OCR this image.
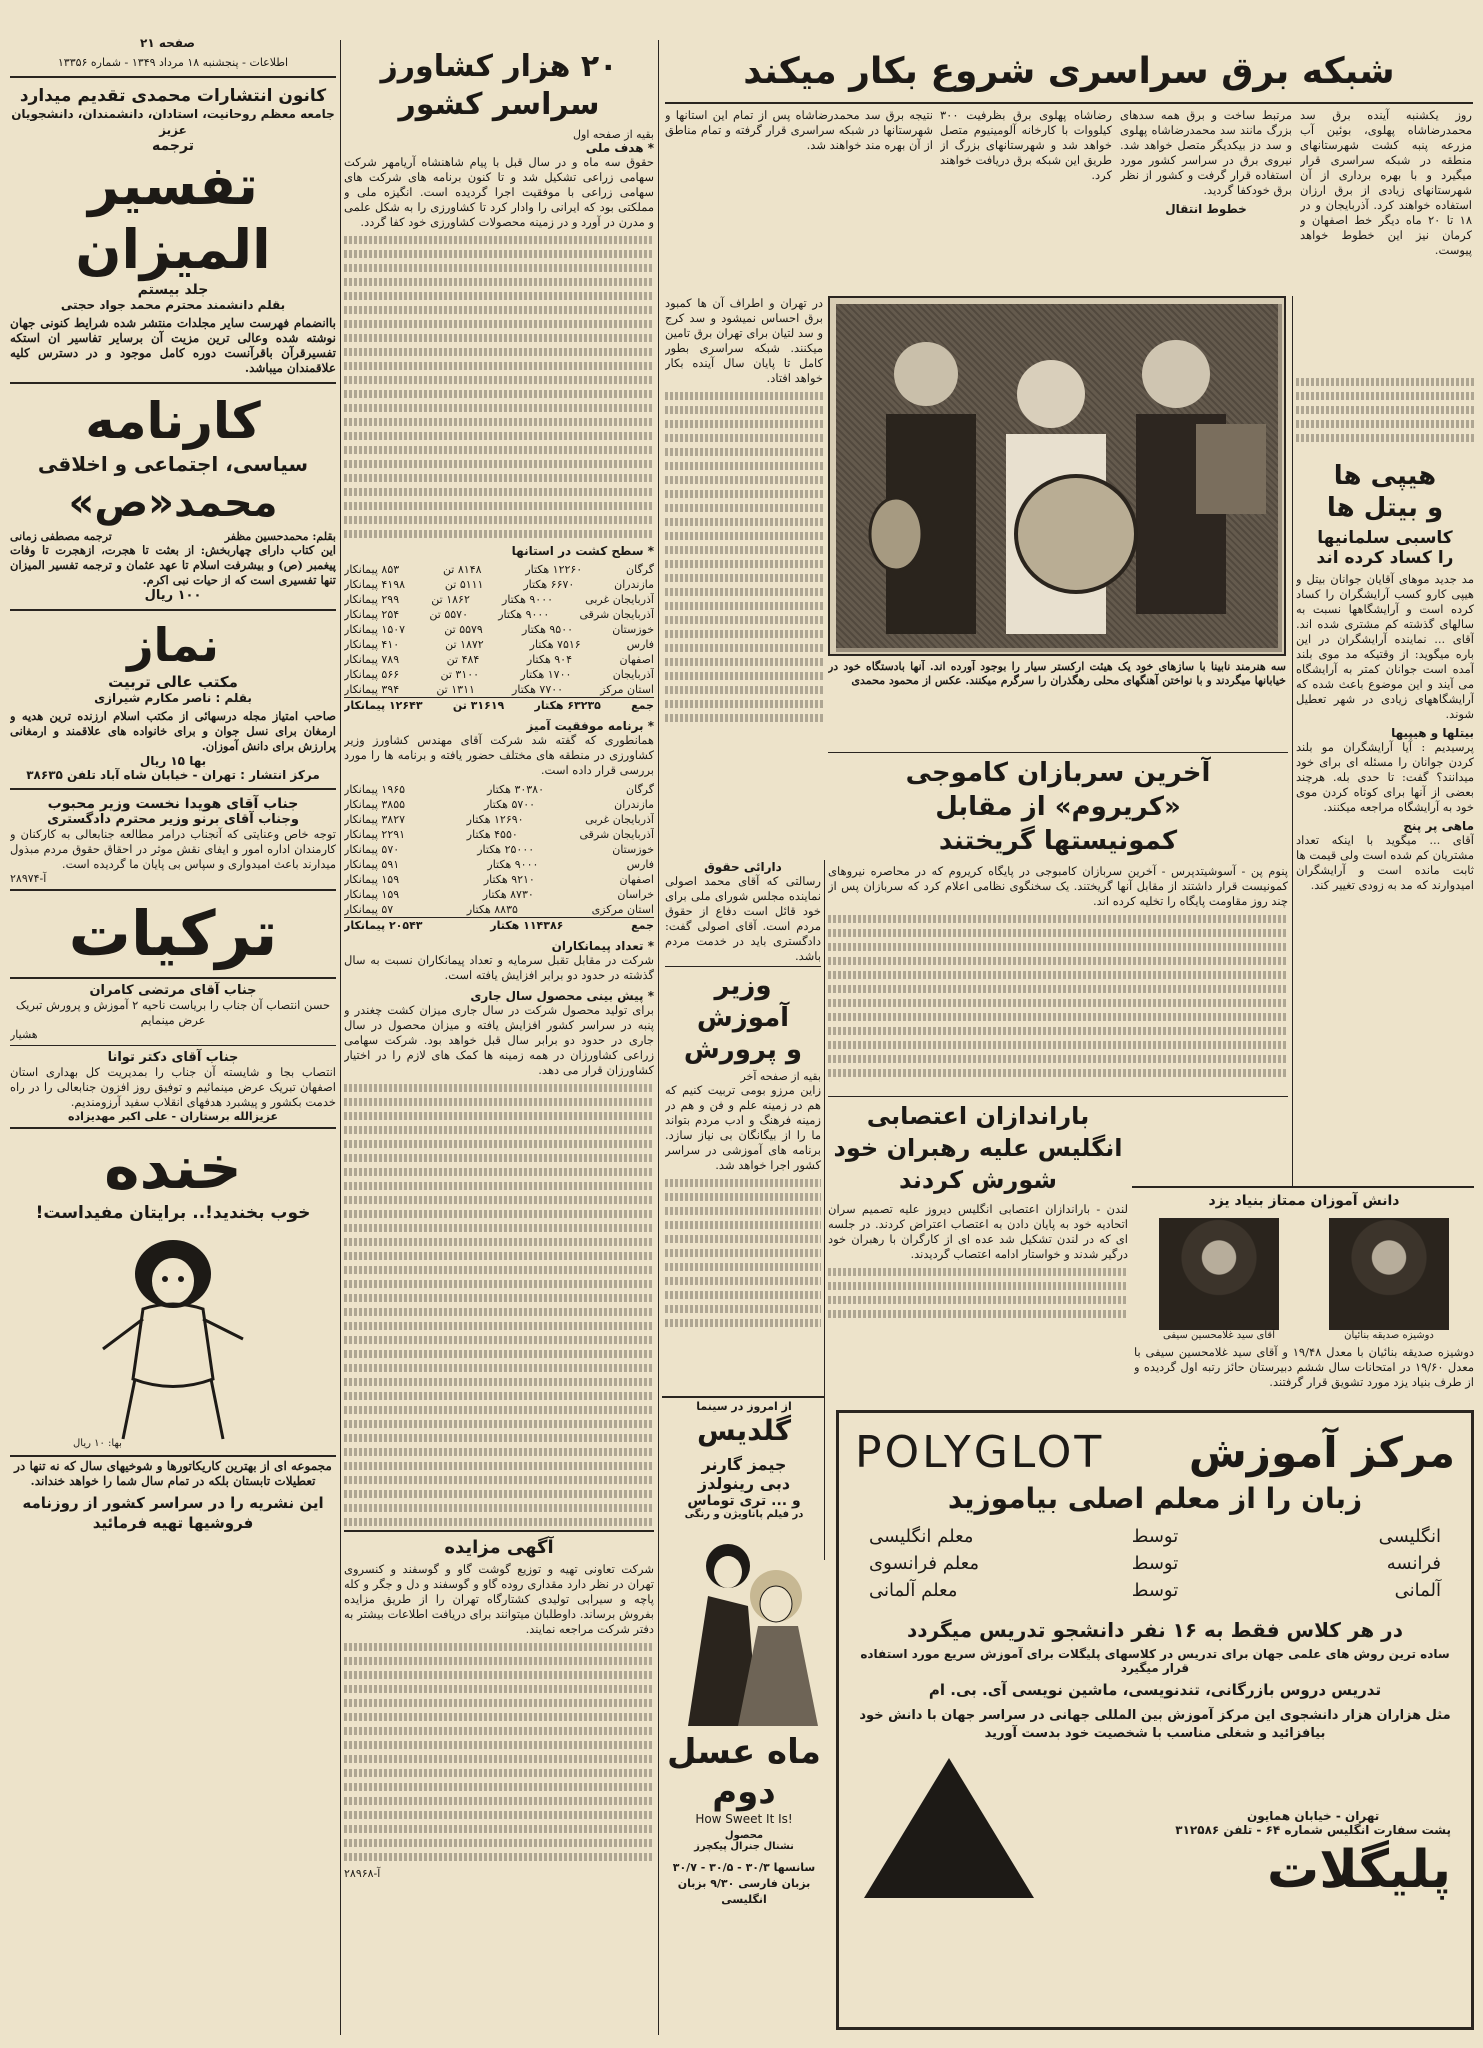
صفحه ۲۱
اطلاعات - پنجشنبه ۱۸ مرداد ۱۳۴۹ - شماره ۱۳۳۵۶
کانون انتشارات محمدی تقدیم میدارد
جامعه معظم روحانیت، استادان، دانشمندان، دانشجویان عزیز
ترجمه
تفسیر المیزان
جلد بیستم
بقلم دانشمند محترم محمد جواد حجتی
باانضمام فهرست سایر مجلدات منتشر شده شرایط کنونی جهان نوشته شده وعالی ترین مزیت آن برسایر تفاسیر ان استکه تفسیرقرآن باقرآنست دوره کامل موجود و در دسترس کلیه علاقمندان میباشد.
کارنامه
سیاسی، اجتماعی و اخلاقی
محمد«ص»
بقلم: محمدحسین مظفر
ترجمه مصطفی زمانی
این کتاب دارای چهاربخش: از بعثت تا هجرت، ازهجرت تا وفات پیغمبر (ص) و بیشرفت اسلام تا عهد عثمان و ترجمه تفسیر المیزان تنها تفسیری است که از حیات نبی اکرم.
۱۰۰ ریال
نماز
مکتب عالی تربیت
بقلم : ناصر مکارم شیرازی
صاحب امتیاز مجله درسهائی از مکتب اسلام ارزنده ترین هدیه و ارمغان برای نسل جوان و برای خانواده های علاقمند و ارمغانی پرارزش برای دانش آموزان.
بها ۱۵ ریال
مرکز انتشار : تهران - خیابان شاه آباد تلفن ۳۸۶۳۵
جناب آقای هویدا نخست وزیر محبوب
وجناب آقای برنو وزیر محترم دادگستری
توجه خاص وعنایتی که آنجناب درامر مطالعه جنابعالی به کارکنان و کارمندان اداره امور و ایفای نقش موثر در احقاق حقوق مردم مبذول میدارند باعث امیدواری و سپاس بی پایان ما گردیده است.
آ-۲۸۹۷۴
ترکیات
جناب آقای مرتضی کامران
حسن انتصاب آن جناب را بریاست ناحیه ۲ آموزش و پرورش تبریک عرض مینمایم
هشیار
جناب آقای دکتر توانا
انتصاب بجا و شایسته آن جناب را بمدیریت کل بهداری استان اصفهان تبریک عرض مینمائیم و توفیق روز افزون جنابعالی را در راه خدمت بکشور و پیشبرد هدفهای انقلاب سفید آرزومندیم.
عزیزالله برستاران - علی اکبر مهدیزاده
خنده
خوب بخندید!.. برایتان مفیداست!
بها: ۱۰ ریال
مجموعه ای از بهترین کاریکاتورها و شوخیهای سال که نه تنها در تعطیلات تابستان بلکه در تمام سال شما را خواهد خنداند.
این نشریه را در سراسر کشور از روزنامه فروشیها تهیه فرمائید
۲۰ هزار کشاورز
سراسر کشور
بقیه از صفحه اول
* هدف ملی
حقوق سه ماه و در سال قبل با پیام شاهنشاه آریامهر شرکت سهامی زراعی تشکیل شد و تا کنون برنامه های شرکت های سهامی زراعی با موفقیت اجرا گردیده است. انگیزه ملی و مملکتی بود که ایرانی را وادار کرد تا کشاورزی را به شکل علمی و مدرن در آورد و در زمینه محصولات کشاورزی خود کفا گردد.
* سطح کشت در استانها
گرگان
۱۲۲۶۰ هکتار
۸۱۴۸ تن
۸۵۳ پیمانکار
مازندران
۶۶۷۰ هکتار
۵۱۱۱ تن
۴۱۹۸ پیمانکار
آذربایجان غربی
۹۰۰۰ هکتار
۱۸۶۲ تن
۲۹۹ پیمانکار
آذربایجان شرقی
۹۰۰۰ هکتار
۵۵۷۰ تن
۲۵۴ پیمانکار
خوزستان
۹۵۰۰ هکتار
۵۵۷۹ تن
۱۵۰۷ پیمانکار
فارس
۷۵۱۶ هکتار
۱۸۷۲ تن
۴۱۰ پیمانکار
اصفهان
۹۰۴ هکتار
۴۸۴ تن
۷۸۹ پیمانکار
آذربایجان
۱۷۰۰ هکتار
۳۱۰۰ تن
۵۶۶ پیمانکار
استان مرکز
۷۷۰۰ هکتار
۱۳۱۱ تن
۳۹۴ پیمانکار
جمع
۶۳۲۳۵ هکتار
۳۱۶۱۹ تن
۱۲۶۴۳ پیمانکار
* برنامه موفقیت آمیز
همانطوری که گفته شد شرکت آقای مهندس کشاورز وزیر کشاورزی در منطقه های مختلف حضور یافته و برنامه ها را مورد بررسی قرار داده است.
گرگان
۳۰۳۸۰ هکتار
۱۹۶۵ پیمانکار
مازندران
۵۷۰۰ هکتار
۳۸۵۵ پیمانکار
آذربایجان غربی
۱۲۶۹۰ هکتار
۳۸۲۷ پیمانکار
آذربایجان شرقی
۴۵۵۰ هکتار
۲۲۹۱ پیمانکار
خوزستان
۲۵۰۰۰ هکتار
۵۷۰ پیمانکار
فارس
۹۰۰۰ هکتار
۵۹۱ پیمانکار
اصفهان
۹۲۱۰ هکتار
۱۵۹ پیمانکار
خراسان
۸۷۳۰ هکتار
۱۵۹ پیمانکار
استان مرکزی
۸۸۳۵ هکتار
۵۷ پیمانکار
جمع
۱۱۴۳۸۶ هکتار
۲۰۵۴۳ پیمانکار
* تعداد پیمانکاران
شرکت در مقابل تقبل سرمایه و تعداد پیمانکاران نسبت به سال گذشته در حدود دو برابر افزایش یافته است.
* پیش بینی محصول سال جاری
برای تولید محصول شرکت در سال جاری میزان کشت چغندر و پنبه در سراسر کشور افزایش یافته و میزان محصول در سال جاری در حدود دو برابر سال قبل خواهد بود. شرکت سهامی زراعی کشاورزان در همه زمینه ها کمک های لازم را در اختیار کشاورزان قرار می دهد.
شبکه برق سراسری شروع بکار میکند
روز یکشنبه آینده برق سد محمدرضاشاه پهلوی، بوئین آب مزرعه پنبه کشت شهرستانهای منطقه در شبکه سراسری قرار میگیرد و با بهره برداری از آن شهرستانهای زیادی از برق ارزان استفاده خواهند کرد. آذربایجان و در ۱۸ تا ۲۰ ماه دیگر خط اصفهان و کرمان نیز این خطوط خواهد پیوست.
مرتبط ساخت و برق همه سدهای بزرگ مانند سد محمدرضاشاه پهلوی و سد دز بیکدیگر متصل خواهد شد. نیروی برق در سراسر کشور مورد استفاده قرار گرفت و کشور از نظر برق خودکفا گردید.
خطوط انتقال
رضاشاه پهلوی برق بظرفیت ۳۰۰ کیلووات با کارخانه آلومینیوم متصل خواهد شد و شهرستانهای بزرگ از طریق این شبکه برق دریافت خواهند کرد.
نتیجه برق سد محمدرضاشاه پس از تمام این استانها و شهرستانها در شبکه سراسری قرار گرفته و تمام مناطق از آن بهره مند خواهند شد.
سه هنرمند نابینا با سازهای خود یک هیئت ارکستر سیار را بوجود آورده اند. آنها بادستگاه خود در خیابانها میگردند و با نواختن آهنگهای محلی رهگذران را سرگرم میکنند. عکس از محمود محمدی
در تهران و اطراف آن ها کمبود برق احساس نمیشود و سد کرج و سد لتیان برای تهران برق تامین میکنند. شبکه سراسری بطور کامل تا پایان سال آینده بکار خواهد افتاد.
هیپی ها
و بیتل ها
کاسبی سلمانیها
را کساد کرده اند
مد جدید موهای آقایان جوانان بیتل و هیپی کارو کسب آرایشگران را کساد کرده است و آرایشگاهها نسبت به سالهای گذشته کم مشتری شده اند. آقای ... نماینده آرایشگران در این باره میگوید: از وقتیکه مد موی بلند آمده است جوانان کمتر به آرایشگاه می آیند و این موضوع باعث شده که آرایشگاههای زیادی در شهر تعطیل شوند.
بیتلها و هیپیها
پرسیدیم : آیا آرایشگران مو بلند کردن جوانان را مسئله ای برای خود میدانند؟ گفت: تا حدی بله. هرچند بعضی از آنها برای کوتاه کردن موی خود به آرایشگاه مراجعه میکنند.
ماهی پر پنج
آقای ... میگوید با اینکه تعداد مشتریان کم شده است ولی قیمت ها ثابت مانده است و آرایشگران امیدوارند که مد به زودی تغییر کند.
آخرین سربازان کاموجی
«کریروم» از مقابل
کمونیستها گریختند
پنوم پن - آسوشیتدپرس - آخرین سربازان کامبوجی در پایگاه کریروم که در محاصره نیروهای کمونیست قرار داشتند از مقابل آنها گریختند. یک سخنگوی نظامی اعلام کرد که سربازان پس از چند روز مقاومت پایگاه را تخلیه کرده اند.
دارائی حقوق
رسالتی که آقای محمد اصولی نماینده مجلس شورای ملی برای خود قائل است دفاع از حقوق مردم است. آقای اصولی گفت: دادگستری باید در خدمت مردم باشد.
وزیر آموزش
و پرورش
بقیه از صفحه آخر
زاین مرزو بومی تربیت کنیم که هم در زمینه علم و فن و هم در زمینه فرهنگ و ادب مردم بتواند ما را از بیگانگان بی نیاز سازد. برنامه های آموزشی در سراسر کشور اجرا خواهد شد.
باراندازان اعتصابی
انگلیس علیه رهبران خود
شورش کردند
لندن - باراندازان اعتصابی انگلیس دیروز علیه تصمیم سران اتحادیه خود به پایان دادن به اعتصاب اعتراض کردند. در جلسه ای که در لندن تشکیل شد عده ای از کارگران با رهبران خود درگیر شدند و خواستار ادامه اعتصاب گردیدند.
دانش آموزان ممتاز بنیاد یزد
دوشیزه صدیقه بنائیان
آقای سید غلامحسین سیفی
دوشیزه صدیقه بنائیان با معدل ۱۹/۴۸ و آقای سید غلامحسین سیفی با معدل ۱۹/۶۰ در امتحانات سال ششم دبیرستان حائز رتبه اول گردیده و از طرف بنیاد یزد مورد تشویق قرار گرفتند.
آگهی مزایده
شرکت تعاونی تهیه و توزیع گوشت گاو و گوسفند و کنسروی تهران در نظر دارد مقداری روده گاو و گوسفند و دل و جگر و کله پاچه و سیرابی تولیدی کشتارگاه تهران را از طریق مزایده بفروش برساند. داوطلبان میتوانند برای دریافت اطلاعات بیشتر به دفتر شرکت مراجعه نمایند.
آ-۲۸۹۶۸
از امروز در سینما
گلدیس
جیمز گارنر
دبی رینولدز
و ... تری توماس
در فیلم پاناویژن و رنگی
ماه عسل
دوم
How Sweet It Is!
محصول
نشنال جنرال پیکچرز
سانسها ۳۰/۳ - ۳۰/۵ - ۳۰/۷ بزبان فارسی ۹/۳۰ بزبان انگلیسی
مرکز آموزش
POLYGLOT
زبان را از معلم اصلی بیاموزید
انگلیسی
توسط
معلم انگلیسی
فرانسه
توسط
معلم فرانسوی
آلمانی
توسط
معلم آلمانی
در هر کلاس فقط به ۱۶ نفر دانشجو تدریس میگردد
ساده ترین روش های علمی جهان برای تدریس در کلاسهای پلیگلات برای آموزش سریع مورد استفاده قرار میگیرد
تدریس دروس بازرگانی، تندنویسی، ماشین نویسی آی. بی. ام
مثل هزاران هزار دانشجوی این مرکز آموزش بین المللی جهانی در سراسر جهان با دانش خود بیافزائید و شغلی مناسب با شخصیت خود بدست آورید
تهران - خیابان همایون
پشت سفارت انگلیس شماره ۶۴ - تلفن ۳۱۲۵۸۶
پلیگلات
